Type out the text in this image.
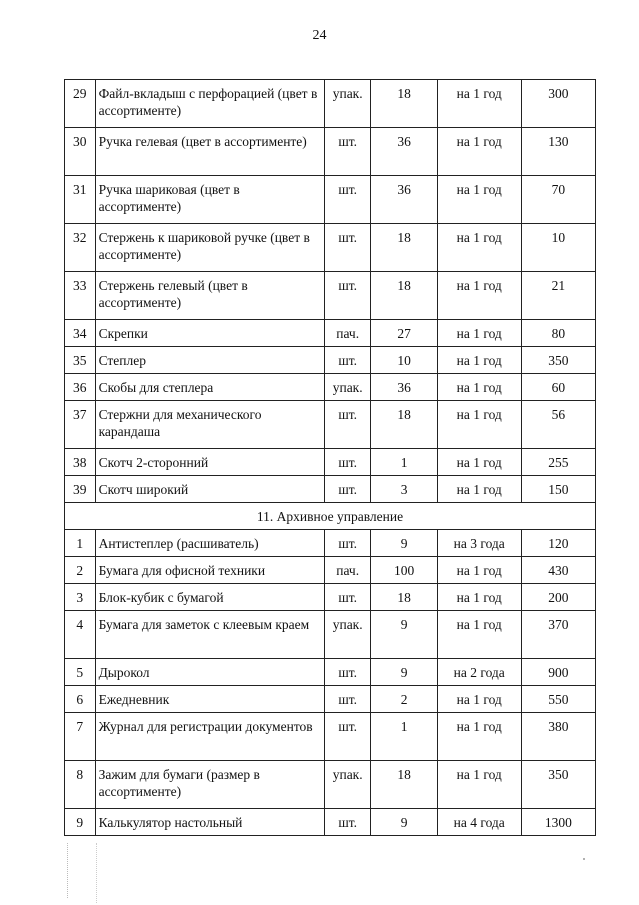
24
29	Файл-вкладыш с перфорацией (цвет в ассортименте)	упак.	18	на 1 год	300
30	Ручка гелевая (цвет в ассортименте)	шт.	36	на 1 год	130
31	Ручка шариковая (цвет в ассортименте)	шт.	36	на 1 год	70
32	Стержень к шариковой ручке (цвет в ассортименте)	шт.	18	на 1 год	10
33	Стержень гелевый (цвет в ассортименте)	шт.	18	на 1 год	21
34	Скрепки	пач.	27	на 1 год	80
35	Степлер	шт.	10	на 1 год	350
36	Скобы для степлера	упак.	36	на 1 год	60
37	Стержни для механического карандаша	шт.	18	на 1 год	56
38	Скотч 2-сторонний	шт.	1	на 1 год	255
39	Скотч широкий	шт.	3	на 1 год	150
11. Архивное управление					
1	Антистеплер (расшиватель)	шт.	9	на 3 года	120
2	Бумага для офисной техники	пач.	100	на 1 год	430
3	Блок-кубик с бумагой	шт.	18	на 1 год	200
4	Бумага для заметок с клеевым краем	упак.	9	на 1 год	370
5	Дырокол	шт.	9	на 2 года	900
6	Ежедневник	шт.	2	на 1 год	550
7	Журнал для регистрации документов	шт.	1	на 1 год	380
8	Зажим для бумаги (размер в ассортименте)	упак.	18	на 1 год	350
9	Калькулятор настольный	шт.	9	на 4 года	1300
